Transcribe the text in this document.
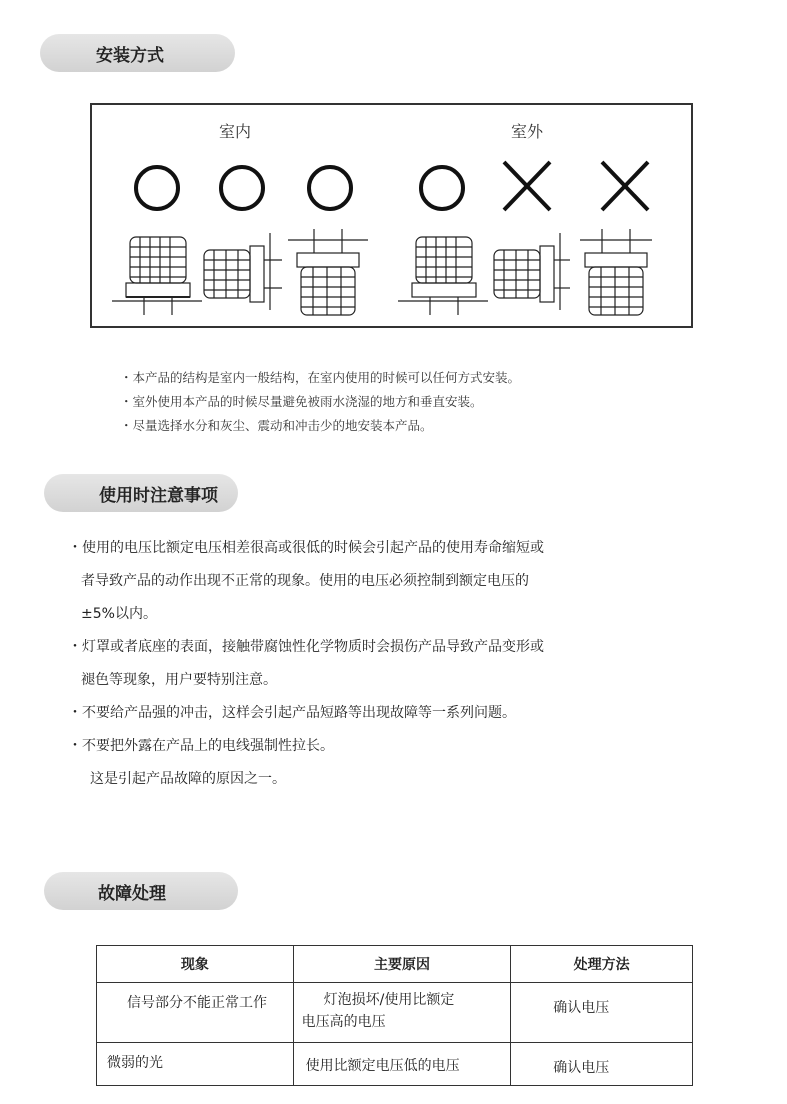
安装方式
室内	室外
・本产品的结构是室内一般结构，在室内使用的时候可以任何方式安装。
・室外使用本产品的时候尽量避免被雨水浇湿的地方和垂直安装。
・尽量选择水分和灰尘、震动和冲击少的地安装本产品。
使用时注意事项
・使用的电压比额定电压相差很高或很低的时候会引起产品的使用寿命缩短或
者导致产品的动作出现不正常的现象。使用的电压必须控制到额定电压的
±5%以内。
・灯罩或者底座的表面，接触带腐蚀性化学物质时会损伤产品导致产品变形或
褪色等现象，用户要特别注意。
・不要给产品强的冲击，这样会引起产品短路等出现故障等一系列问题。
・不要把外露在产品上的电线强制性拉长。
这是引起产品故障的原因之一。
故障处理
现象	主要原因	处理方法

信号部分不能正常工作	灯泡损坏/使用比额定
电压高的电压	确认电压

微弱的光	使用比额定电压低的电压	确认电压
